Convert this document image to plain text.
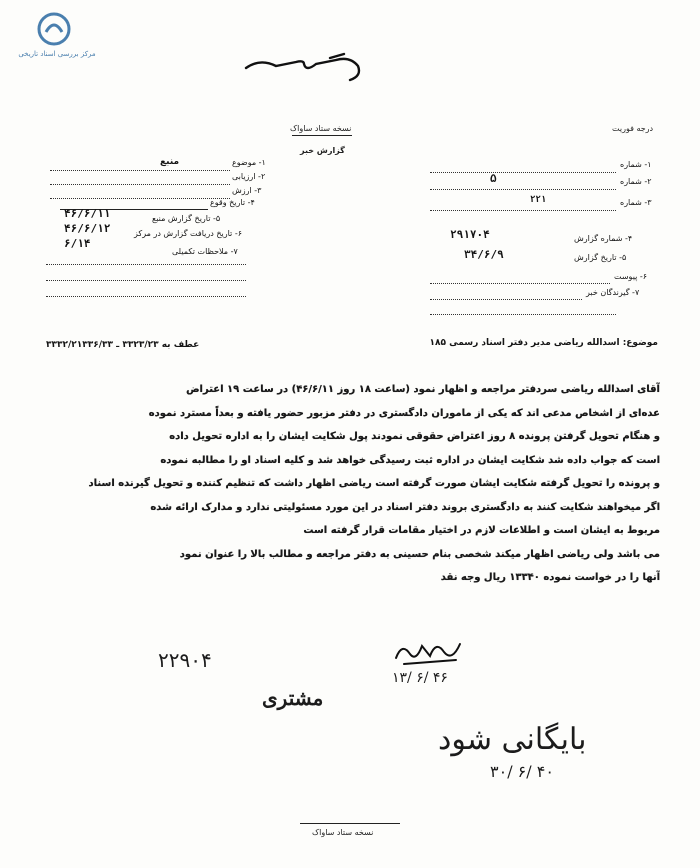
مرکز بررسی اسناد تاریخی
نسخه ستاد ساواک	درجه فوریت
گزارش خبر
۱- موضوع
منبع
۲- ارزیابی
۳- ارزش
۴- تاریخ وقوع
۵- تاریخ گزارش منبع
۴۶/۶/۱۱
۶- تاریخ دریافت گزارش در مرکز
۴۶/۶/۱۲
۷- ملاحظات تکمیلی
۶/۱۴
۱- شماره
۲- شماره
۵
۳- شماره
۲۲۱
۴- شماره گزارش
۲۹۱۷۰۴
۵- تاریخ گزارش
۳۴/۶/۹
۶- پیوست
۷- گیرندگان خبر
موضوع: اسدالله ریاضی مدیر دفتر اسناد رسمی ۱۸۵
عطف به ۳۳۲۳/۲۳ ـ ۳۳۳۲/۲۱۳۳۶/۳۳
آقای اسدالله ریاضی سردفتر مراجعه و اظهار نمود (ساعت ۱۸ روز ۴۶/۶/۱۱) در ساعت ۱۹ اعتراض
عده‌ای از اشخاص مدعی اند که یکی از ماموران دادگستری در دفتر مزبور حضور یافته و بعداً مسترد نموده
و هنگام تحویل گرفتن پرونده ۸ روز اعتراض حقوقی نمودند پول شکایت ایشان را به اداره تحویل داده
است که جواب داده شد شکایت ایشان در اداره ثبت رسیدگی خواهد شد و کلیه اسناد او را مطالبه نموده
و پرونده را تحویل گرفته شکایت ایشان صورت گرفته است ریاضی اظهار داشت که تنظیم کننده و تحویل گیرنده اسناد
اگر میخواهند شکایت کنند به دادگستری بروند دفتر اسناد در این مورد مسئولیتی ندارد و مدارک ارائه شده
مربوط به ایشان است و اطلاعات لازم در اختیار مقامات قرار گرفته است
می باشد ولی ریاضی اظهار میکند شخصی بنام حسینی به دفتر مراجعه و مطالب بالا را عنوان نمود
آنها را در خواست نموده ۱۳۳۴۰ ریال وجه نقد
۱۳/ ۶/ ۴۶
۲۲۹۰۴
مشتری
بایگانی شود
۳۰/ ۶/ ۴۰
نسخه ستاد ساواک
